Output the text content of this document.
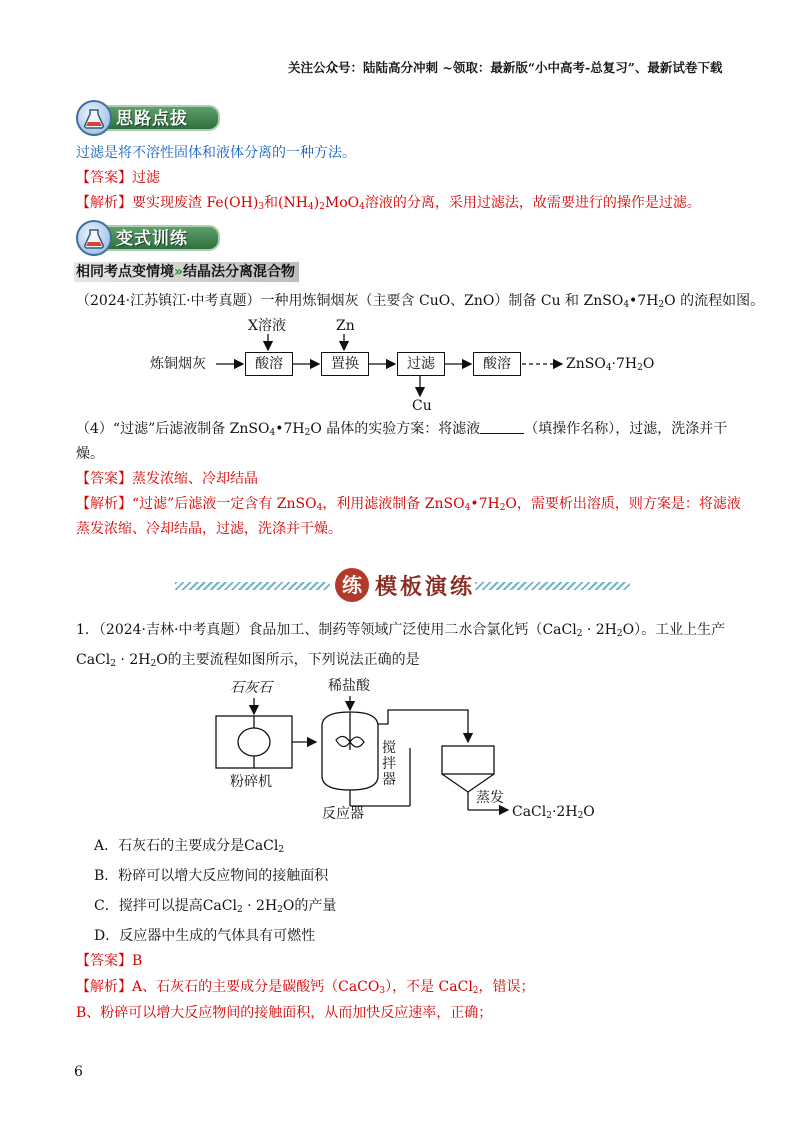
关注公众号：陆陆高分冲刺 ~领取：最新版“小中高考-总复习”、最新试卷下载
思路点拔
过滤是将不溶性固体和液体分离的一种方法。
【答案】过滤
【解析】要实现废渣 $Fe(OH)_3$和$(NH_4)_2MoO_4$溶液的分离，采用过滤法，故需要进行的操作是过滤。
变式训练
相同考点变情境»结晶法分离混合物
（2024·江苏镇江·中考真题）一种用炼铜烟灰（主要含 CuO、ZnO）制备 Cu 和 $ZnSO_4•7H_2O$ 的流程如图。
炼铜烟灰	酸溶	置换	过滤	酸溶	$ZnSO_4\cdot 7H_2O$
X溶液	Zn
Cu
（4）“过滤”后滤液制备 $ZnSO_4•7H_2O$ 晶体的实验方案：将滤液	（填操作名称），过滤，洗涤并干
燥。
【答案】蒸发浓缩、冷却结晶
【解析】“过滤”后滤液一定含有 ZnSO$_4$，利用滤液制备 $ZnSO_4•7H_2O$，需要析出溶质，则方案是：将滤液
蒸发浓缩、冷却结晶，过滤，洗涤并干燥。
练 模板演练
1．（2024·吉林·中考真题）食品加工、制药等领域广泛使用二水合氯化钙（CaCl$_2$ · $2H_2O$）。工业上生产
CaCl$_2$ · $2H_2O$的主要流程如图所示，下列说法正确的是
石灰石
粉碎机
稀盐酸
搅拌器
反应器
蒸发
$CaCl_2\cdot 2H_2O$
A．石灰石的主要成分是CaCl$_2$
B．粉碎可以增大反应物间的接触面积
C．搅拌可以提高CaCl$_2$ · $2H_2O$的产量
D．反应器中生成的气体具有可燃性
【答案】B
【解析】A、石灰石的主要成分是碳酸钙（CaCO$_3$），不是 CaCl$_2$，错误；
B、粉碎可以增大反应物间的接触面积，从而加快反应速率，正确；
6
